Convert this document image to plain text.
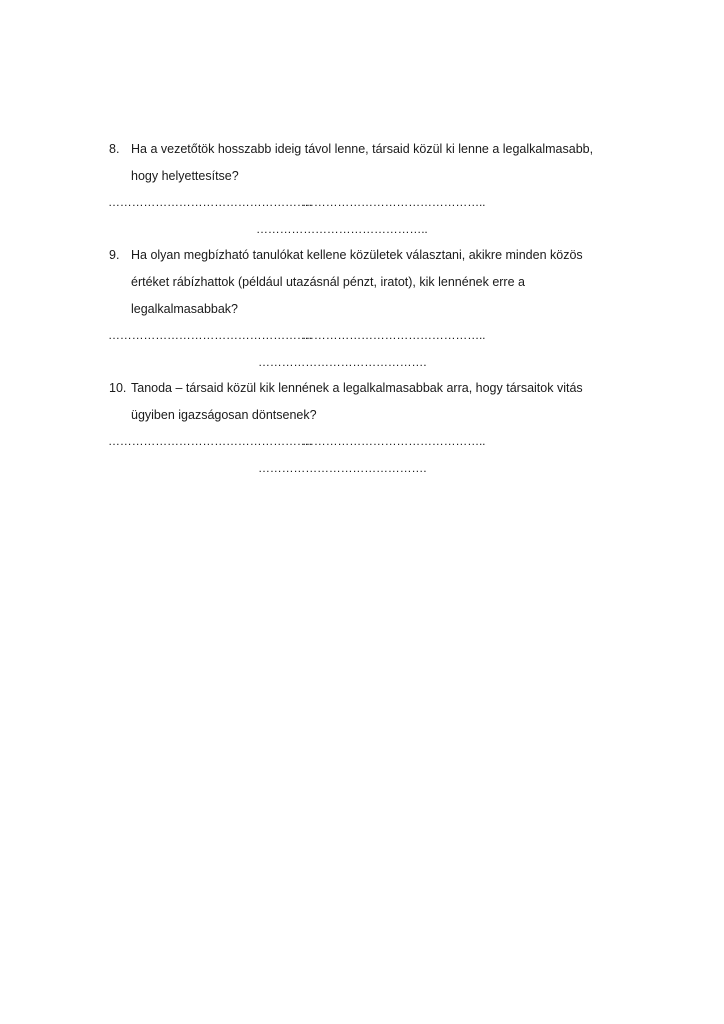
8. Ha a vezetőtök hosszabb ideig távol lenne, társaid közül ki lenne a legalkalmasabb,
hogy helyettesítse?
…………………………………………….
………………………………………..
……………………………………..
9. Ha olyan megbízható tanulókat kellene közületek választani, akikre minden közös
értéket rábízhattok (például utazásnál pénzt, iratot), kik lennének erre a
legalkalmasabbak?
…………………………………………….
………………………………………..
…………………………………….
10. Tanoda – társaid közül kik lennének a legalkalmasabbak arra, hogy társaitok vitás
ügyiben igazságosan döntsenek?
…………………………………………….
………………………………………..
…………………………………….
